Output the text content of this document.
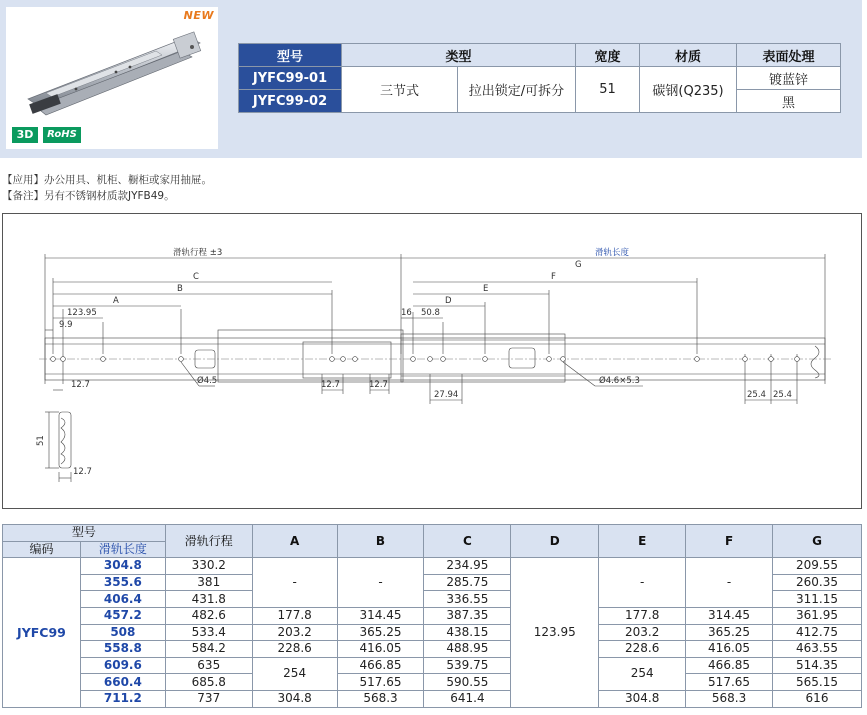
NEW
3D	RoHS
型号	类型		宽度	材质	表面处理
JYFC99-01	三节式	拉出锁定/可拆分	51	碳钢(Q235)	镀蓝锌
JYFC99-02					黑
【应用】办公用具、机柜、橱柜或家用抽屉。
【备注】另有不锈钢材质款JYFB49。
滑轨行程 ±3	滑轨长度
C
B
A
G
F
E
D
123.95
9.9
12.7	Ø4.5	12.7	12.7
16 50.8
27.94
Ø4.6×5.3
25.4 25.4
51
12.7
型号		滑轨行程	A	B	C	D	E	F	G
编码	滑轨长度								
JYFC99	304.8	330.2	-	-	234.95	123.95	-	-	209.55
	355.6	381			285.75				260.35
	406.4	431.8			336.55				311.15
	457.2	482.6	177.8	314.45	387.35		177.8	314.45	361.95
	508	533.4	203.2	365.25	438.15		203.2	365.25	412.75
	558.8	584.2	228.6	416.05	488.95		228.6	416.05	463.55
	609.6	635	254	466.85	539.75		254	466.85	514.35
	660.4	685.8		517.65	590.55			517.65	565.15
	711.2	737	304.8	568.3	641.4		304.8	568.3	616
